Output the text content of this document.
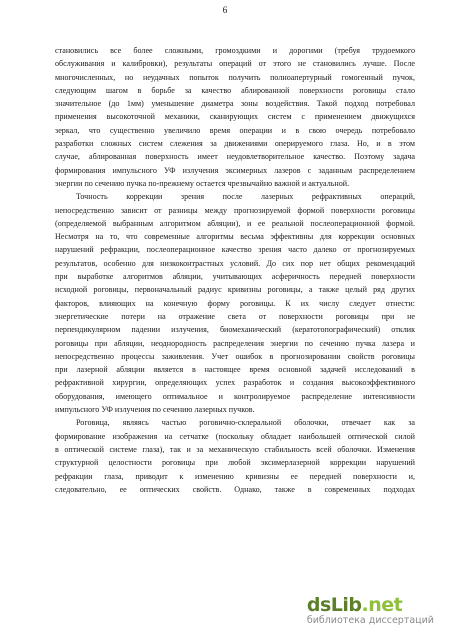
6
становились все более сложными, громоздкими и дорогими (требуя трудоемкого
обслуживания и калибровки), результаты операций от этого не становились лучше. После
многочисленных, но неудачных попыток получить полноапертурный гомогенный пучок,
следующим шагом в борьбе за качество аблированной поверхности роговицы стало
значительное (до 1мм) уменьшение диаметра зоны воздействия. Такой подход потребовал
применения высокоточной механики, сканирующих систем с применением движущихся
зеркал, что существенно увеличило время операции и в свою очередь потребовало
разработки сложных систем слежения за движениями оперируемого глаза. Но, и в этом
случае, аблированная поверхность имеет неудовлетворительное качество. Поэтому задача
формирования импульсного УФ излучения эксимерных лазеров с заданным распределением
энергии по сечению пучка по-прежнему остается чрезвычайно важной и актуальной.
Точность коррекции зрения после лазерных рефрактивных операций,
непосредственно зависит от разницы между прогнозируемой формой поверхности роговицы
(определяемой выбранным алгоритмом абляции), и ее реальной послеоперационной формой.
Несмотря на то, что современные алгоритмы весьма эффективны для коррекции основных
нарушений рефракции, послеоперационное качество зрения часто далеко от прогнозируемых
результатов, особенно для низкоконтрастных условий. До сих пор нет общих рекомендаций
при выработке алгоритмов абляции, учитывающих асферичность передней поверхности
исходной роговицы, первоначальный радиус кривизны роговицы, а также целый ряд других
факторов, влияющих на конечную форму роговицы. К их числу следует отнести:
энергетические потери на отражение света от поверхности роговицы при не
перпендикулярном падении излучения, биомеханический (кератотопографический) отклик
роговицы при абляции, неоднородность распределения энергии по сечению пучка лазера и
непосредственно процессы заживления. Учет ошибок в прогнозировании свойств роговицы
при лазерной абляции является в настоящее время основной задачей исследований в
рефрактивной хирургии, определяющих успех разработок и создания высокоэффективного
оборудования, имеющего оптимальное и контролируемое распределение интенсивности
импульсного УФ излучения по сечению лазерных пучков.
Роговица, являясь частью роговично-склеральной оболочки, отвечает как за
формирование изображения на сетчатке (поскольку обладает наибольшей оптической силой
в оптической системе глаза), так и за механическую стабильность всей оболочки. Изменения
структурной целостности роговицы при любой эксимерлазерной коррекции нарушений
рефракции глаза, приводит к изменению кривизны ее передней поверхности и,
следовательно, ее оптических свойств. Однако, также в современных подходах
dsLib.net
библиотека диссертаций
